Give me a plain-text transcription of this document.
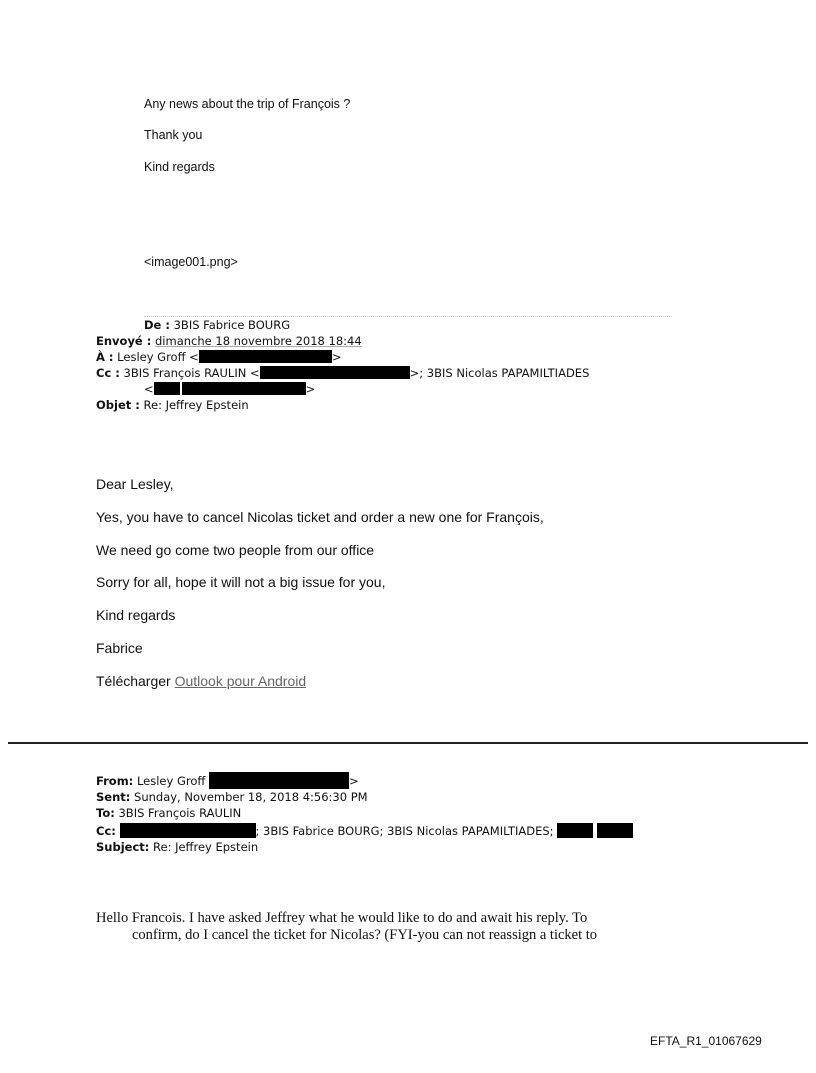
Any news about the trip of François ?
Thank you
Kind regards
<image001.png>
De : 3BIS Fabrice BOURG
Envoyé : dimanche 18 novembre 2018 18:44
À : Lesley Groff <	>
Cc : 3BIS François RAULIN <	>; 3BIS Nicolas PAPAMILTIADES
<	>
Objet : Re: Jeffrey Epstein
Dear Lesley,
Yes, you have to cancel Nicolas ticket and order a new one for François,
We need go come two people from our office
Sorry for all, hope it will not a big issue for you,
Kind regards
Fabrice
Télécharger Outlook pour Android
From: Lesley Groff	>
Sent: Sunday, November 18, 2018 4:56:30 PM
To: 3BIS François RAULIN
Cc:	; 3BIS Fabrice BOURG; 3BIS Nicolas PAPAMILTIADES;
Subject: Re: Jeffrey Epstein
Hello Francois. I have asked Jeffrey what he would like to do and await his reply. To
confirm, do I cancel the ticket for Nicolas? (FYI-you can not reassign a ticket to
EFTA_R1_01067629
